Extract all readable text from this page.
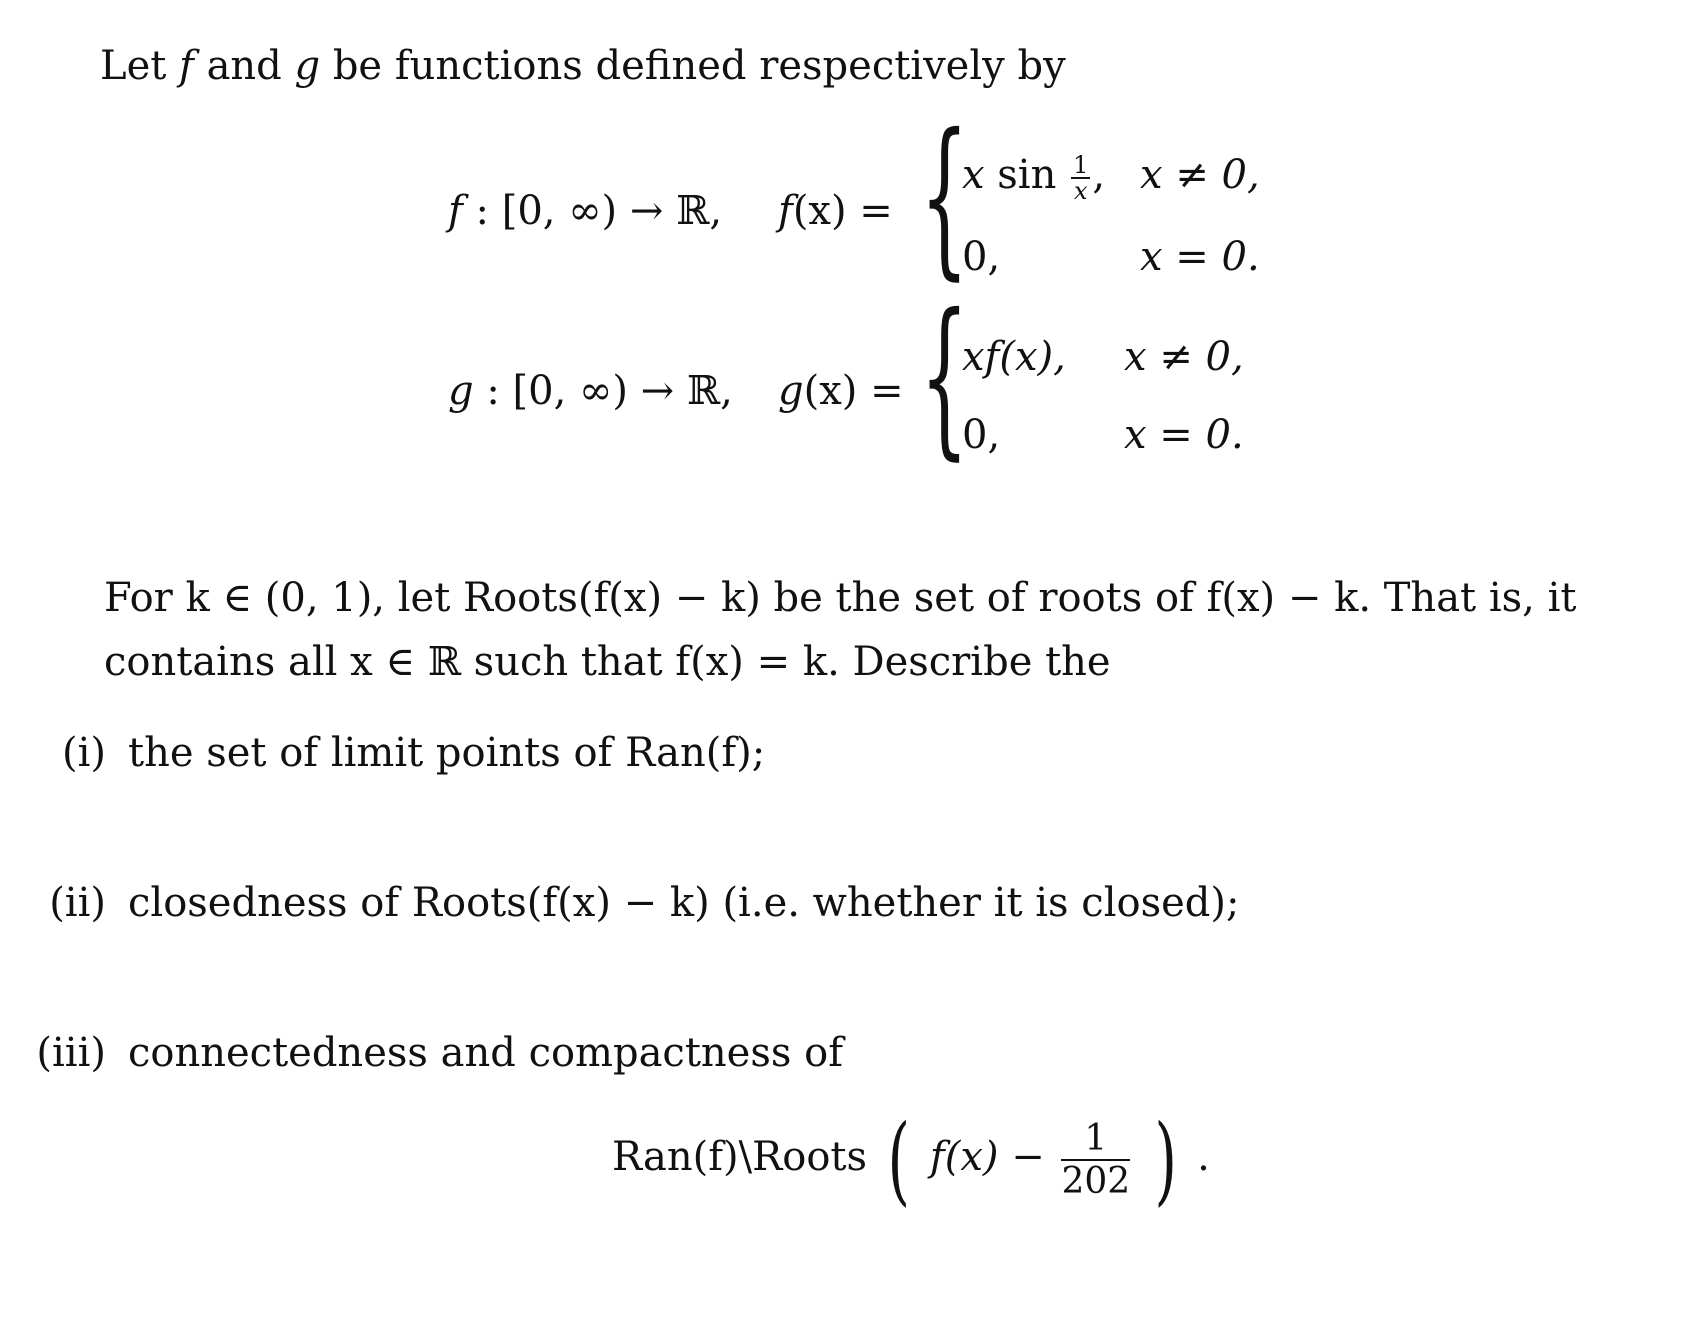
Let f and g be functions defined respectively by
f : [0, ∞) → ℝ, f(x) = {
x $\sin \frac{1}{x}$ , x ≠ 0,
0,	x = 0.
g : [0, ∞) → ℝ, g(x) = {
xf(x), x ≠ 0,
0,	x = 0.
For k ∈ (0, 1), let Roots(f(x) − k) be the set of roots of f(x) − k. That is, it
contains all x ∈ ℝ such that f(x) = k. Describe the
(i) the set of limit points of Ran(f);
(ii) closedness of Roots(f(x) − k) (i.e. whether it is closed);
(iii) connectedness and compactness of
Ran(f)\Roots ( $f(x) - \frac{1}{202}$ ) .
